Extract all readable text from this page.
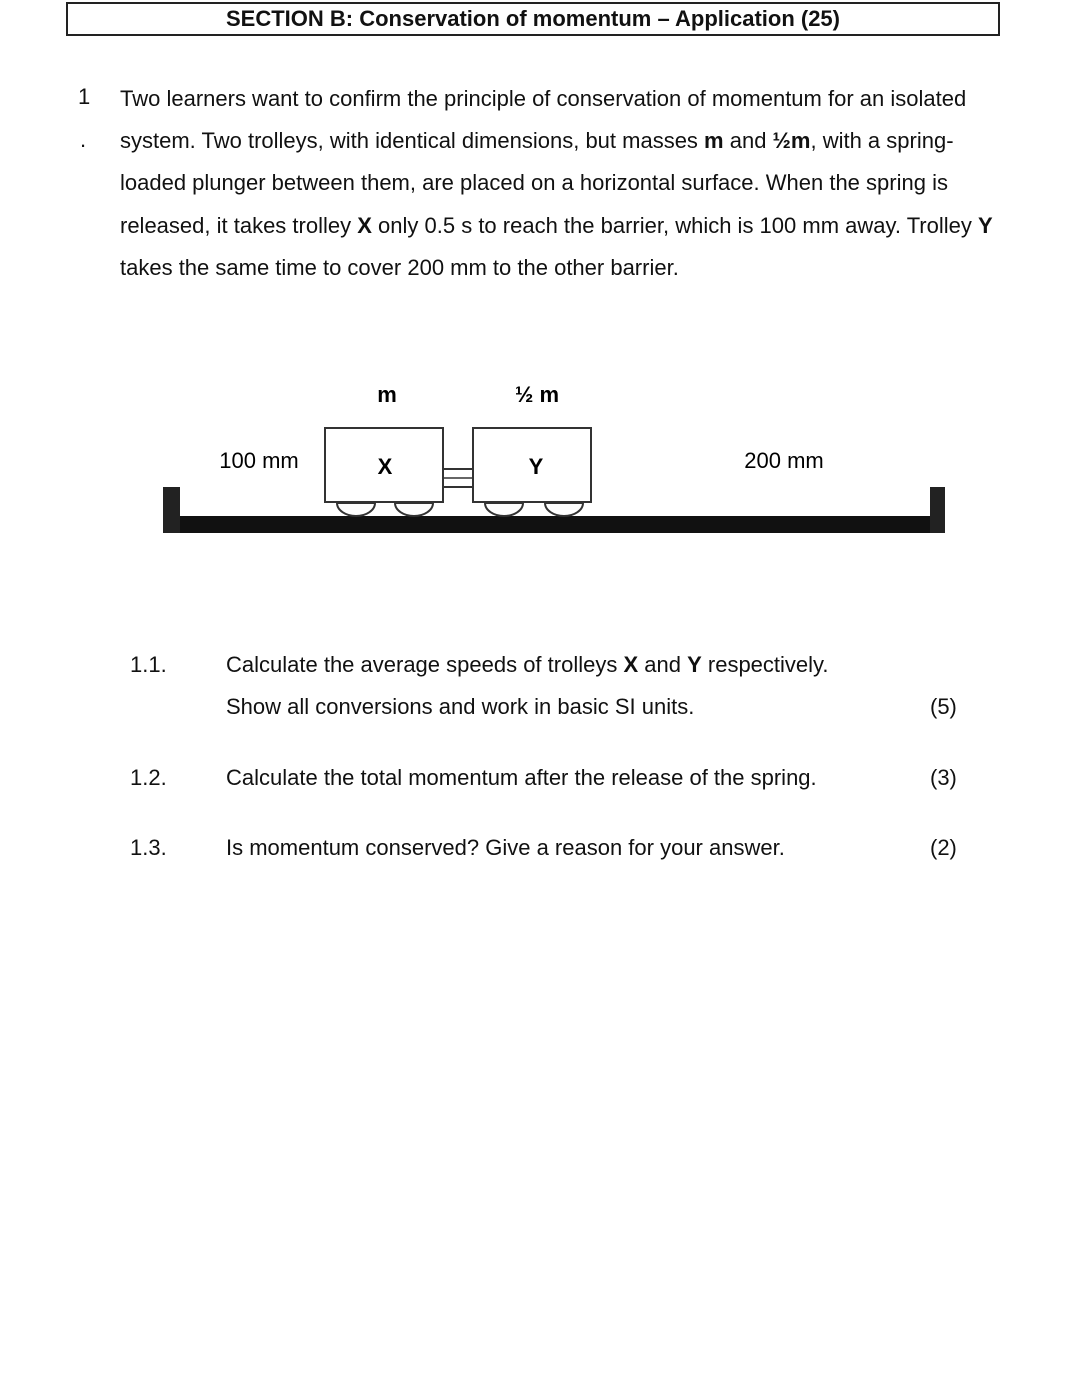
SECTION B: Conservation of momentum – Application (25)
1
.
Two learners want to confirm the principle of conservation of momentum for an isolated system. Two trolleys, with identical dimensions, but masses m and ½m, with a spring-loaded plunger between them, are placed on a horizontal surface. When the spring is released, it takes trolley X only 0.5 s to reach the barrier, which is 100 mm away. Trolley Y takes the same time to cover 200 mm to the other barrier.
m	½ m
X	Y
100 mm	200 mm
1.1.	Calculate the average speeds of trolleys X and Y respectively.
Show all conversions and work in basic SI units.	(5)
1.2.	Calculate the total momentum after the release of the spring.	(3)
1.3.	Is momentum conserved? Give a reason for your answer.	(2)
